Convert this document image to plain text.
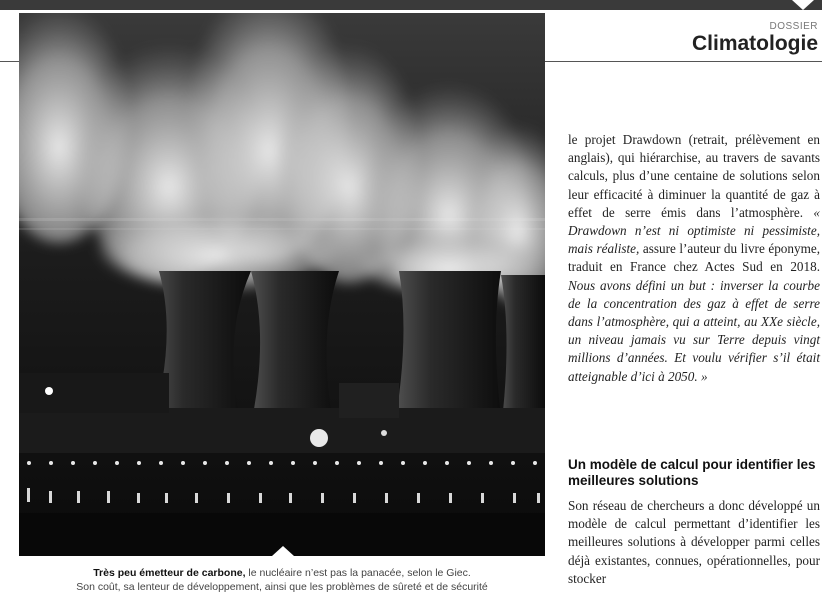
DOSSIER
Climatologie
Très peu émetteur de carbone, le nucléaire n’est pas la panacée, selon le Giec.
Son coût, sa lenteur de développement, ainsi que les problèmes de sûreté et de sécurité
le projet Drawdown (retrait, prélèvement en anglais), qui hiérarchise, au travers de savants calculs, plus d’une centaine de solutions selon leur efficacité à diminuer la quantité de gaz à effet de serre émis dans l’atmosphère. « Drawdown n’est ni optimiste ni pessimiste, mais réaliste, assure l’auteur du livre éponyme, traduit en France chez Actes Sud en 2018. Nous avons défini un but : inverser la courbe de la concentration des gaz à effet de serre dans l’atmosphère, qui a atteint, au XXe siècle, un niveau jamais vu sur Terre depuis vingt millions d’années. Et voulu vérifier s’il était atteignable d’ici à 2050. »
Un modèle de calcul pour identifier les meilleures solutions
Son réseau de chercheurs a donc développé un modèle de calcul permettant d’identifier les meilleures solutions à développer parmi celles déjà existantes, connues, opérationnelles, pour stocker
